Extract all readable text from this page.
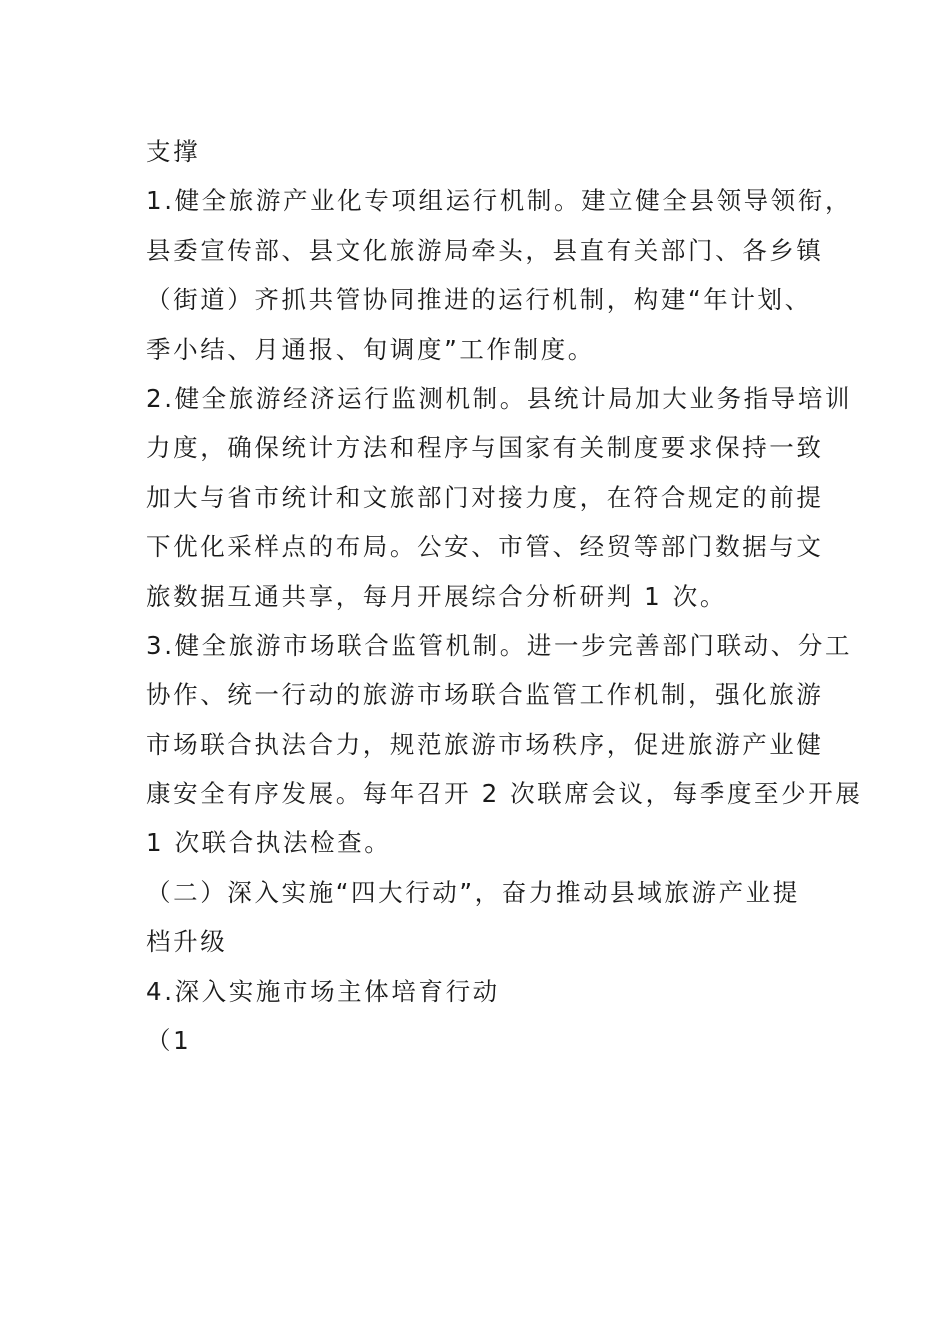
支撑
1.健全旅游产业化专项组运行机制。建立健全县领导领衔，
县委宣传部、县文化旅游局牵头，县直有关部门、各乡镇
（街道）齐抓共管协同推进的运行机制，构建“年计划、
季小结、月通报、旬调度”工作制度。
2.健全旅游经济运行监测机制。县统计局加大业务指导培训
力度，确保统计方法和程序与国家有关制度要求保持一致
加大与省市统计和文旅部门对接力度，在符合规定的前提
下优化采样点的布局。公安、市管、经贸等部门数据与文
旅数据互通共享，每月开展综合分析研判 1 次。
3.健全旅游市场联合监管机制。进一步完善部门联动、分工
协作、统一行动的旅游市场联合监管工作机制，强化旅游
市场联合执法合力，规范旅游市场秩序，促进旅游产业健
康安全有序发展。每年召开 2 次联席会议，每季度至少开展
1 次联合执法检查。
（二）深入实施“四大行动”，奋力推动县域旅游产业提
档升级
4.深入实施市场主体培育行动
（1
